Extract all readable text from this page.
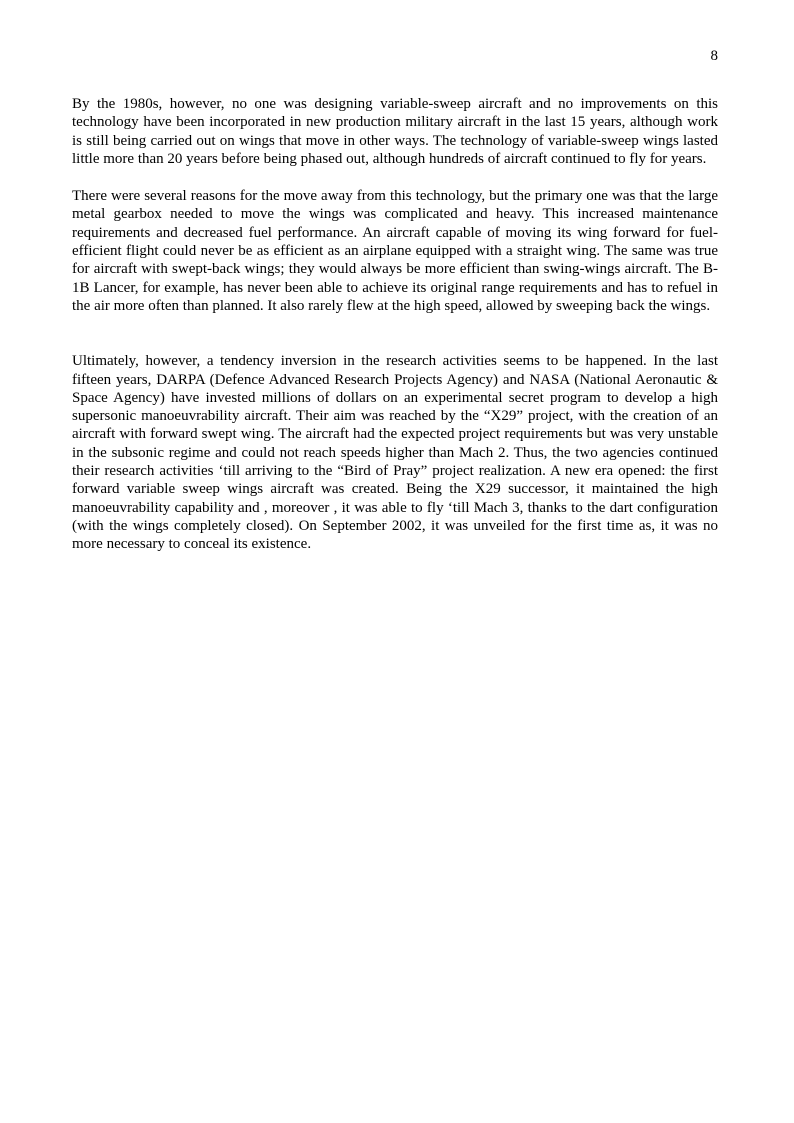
8

By the 1980s, however, no one was designing variable-sweep aircraft and no improvements on this technology have been incorporated in new production military aircraft in the last 15 years, although work is still being carried out on wings that move in other ways. The technology of variable-sweep wings lasted little more than 20 years before being phased out, although hundreds of aircraft continued to fly for years.

There were several reasons for the move away from this technology, but the primary one was that the large metal gearbox needed to move the wings was complicated and heavy. This increased maintenance requirements and decreased fuel performance. An aircraft capable of moving its wing forward for fuel-efficient flight could never be as efficient as an airplane equipped with a straight wing. The same was true for aircraft with swept-back wings; they would always be more efficient than swing-wings aircraft. The B-1B Lancer, for example, has never been able to achieve its original range requirements and has to refuel in the air more often than planned. It also rarely flew at the high speed, allowed by sweeping back the wings.

Ultimately, however, a tendency inversion in the research activities seems to be happened. In the last fifteen years, DARPA (Defence Advanced Research Projects Agency) and NASA (National Aeronautic & Space Agency) have invested millions of dollars on an experimental secret program to develop a high supersonic manoeuvrability aircraft. Their aim was reached by the “X29” project, with the creation of an aircraft with forward swept wing. The aircraft had the expected project requirements but was very unstable in the subsonic regime and could not reach speeds higher than Mach 2. Thus, the two agencies continued their research activities ‘till arriving to the “Bird of Pray” project realization. A new era opened: the first forward variable sweep wings aircraft was created. Being the X29 successor, it maintained the high manoeuvrability capability and , moreover , it was able to fly ‘till Mach 3, thanks to the dart configuration (with the wings completely closed). On September 2002, it was unveiled for the first time as, it was no more necessary to conceal its existence.
